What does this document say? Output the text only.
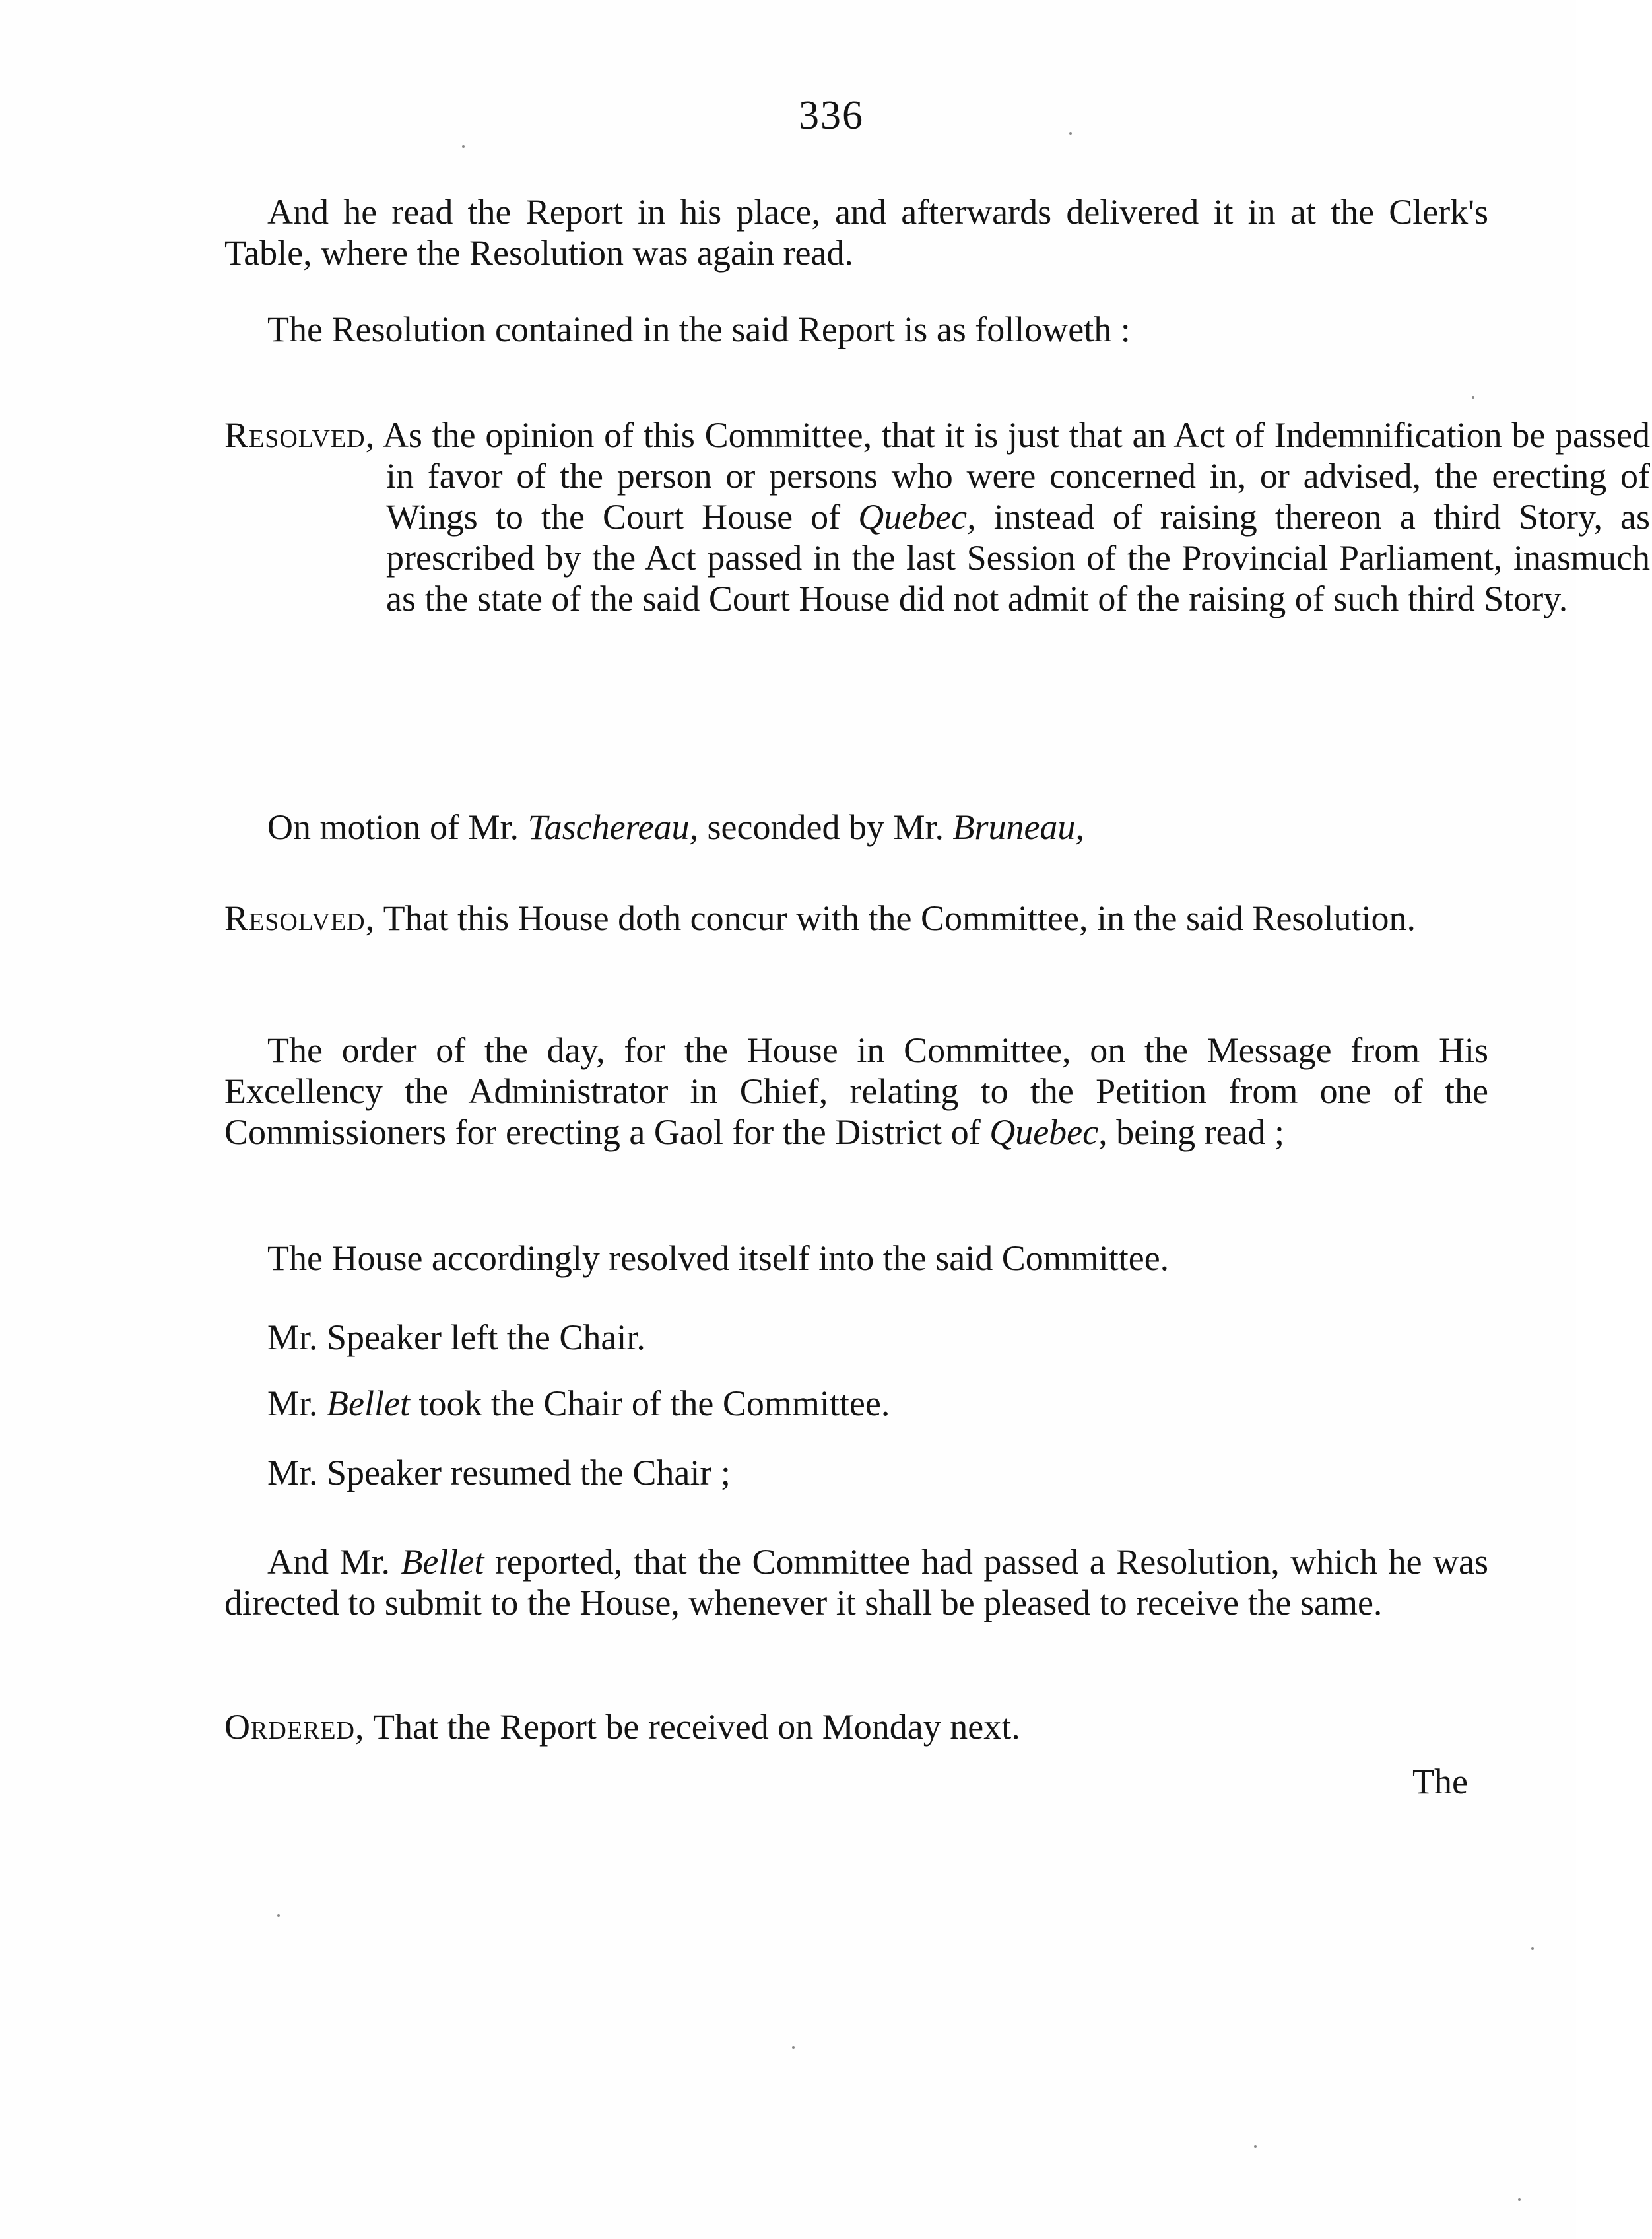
336

And he read the Report in his place, and afterwards delivered it in at the Clerk's Table, where the Resolution was again read.

The Resolution contained in the said Report is as followeth :

Resolved, As the opinion of this Committee, that it is just that an Act of Indemnification be passed in favor of the person or persons who were concerned in, or advised, the erecting of Wings to the Court House of Quebec, instead of raising thereon a third Story, as prescribed by the Act passed in the last Session of the Provincial Parliament, inasmuch as the state of the said Court House did not admit of the raising of such third Story.

On motion of Mr. Taschereau, seconded by Mr. Bruneau,

Resolved, That this House doth concur with the Committee, in the said Resolution.

The order of the day, for the House in Committee, on the Message from His Excellency the Administrator in Chief, relating to the Petition from one of the Commissioners for erecting a Gaol for the District of Quebec, being read ;

The House accordingly resolved itself into the said Committee.

Mr. Speaker left the Chair.

Mr. Bellet took the Chair of the Committee.

Mr. Speaker resumed the Chair ;

And Mr. Bellet reported, that the Committee had passed a Resolution, which he was directed to submit to the House, whenever it shall be pleased to receive the same.

Ordered, That the Report be received on Monday next.

The
